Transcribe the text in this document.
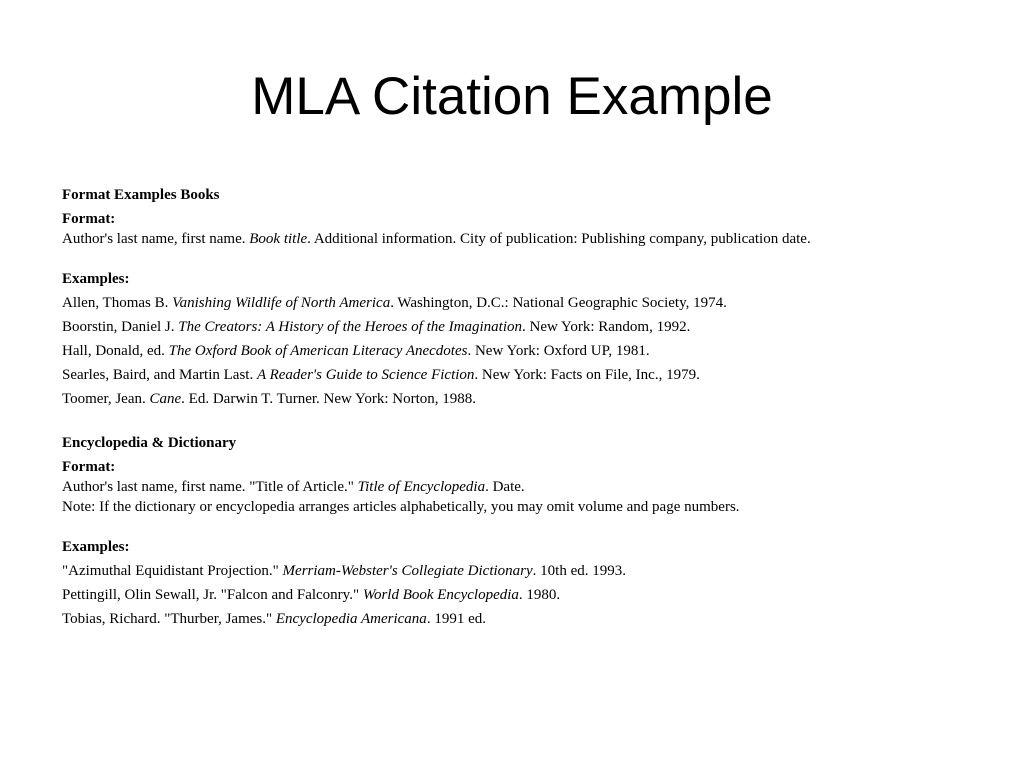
MLA Citation Example
Format Examples Books
Format:
Author's last name, first name. Book title. Additional information. City of publication: Publishing company, publication date.
Examples:
Allen, Thomas B. Vanishing Wildlife of North America. Washington, D.C.: National Geographic Society, 1974.
Boorstin, Daniel J. The Creators: A History of the Heroes of the Imagination. New York: Random, 1992.
Hall, Donald, ed. The Oxford Book of American Literacy Anecdotes. New York: Oxford UP, 1981.
Searles, Baird, and Martin Last. A Reader's Guide to Science Fiction. New York: Facts on File, Inc., 1979.
Toomer, Jean. Cane. Ed. Darwin T. Turner. New York: Norton, 1988.
Encyclopedia & Dictionary
Format:
Author's last name, first name. "Title of Article." Title of Encyclopedia. Date.
Note: If the dictionary or encyclopedia arranges articles alphabetically, you may omit volume and page numbers.
Examples:
"Azimuthal Equidistant Projection." Merriam-Webster's Collegiate Dictionary. 10th ed. 1993.
Pettingill, Olin Sewall, Jr. "Falcon and Falconry." World Book Encyclopedia. 1980.
Tobias, Richard. "Thurber, James." Encyclopedia Americana. 1991 ed.
